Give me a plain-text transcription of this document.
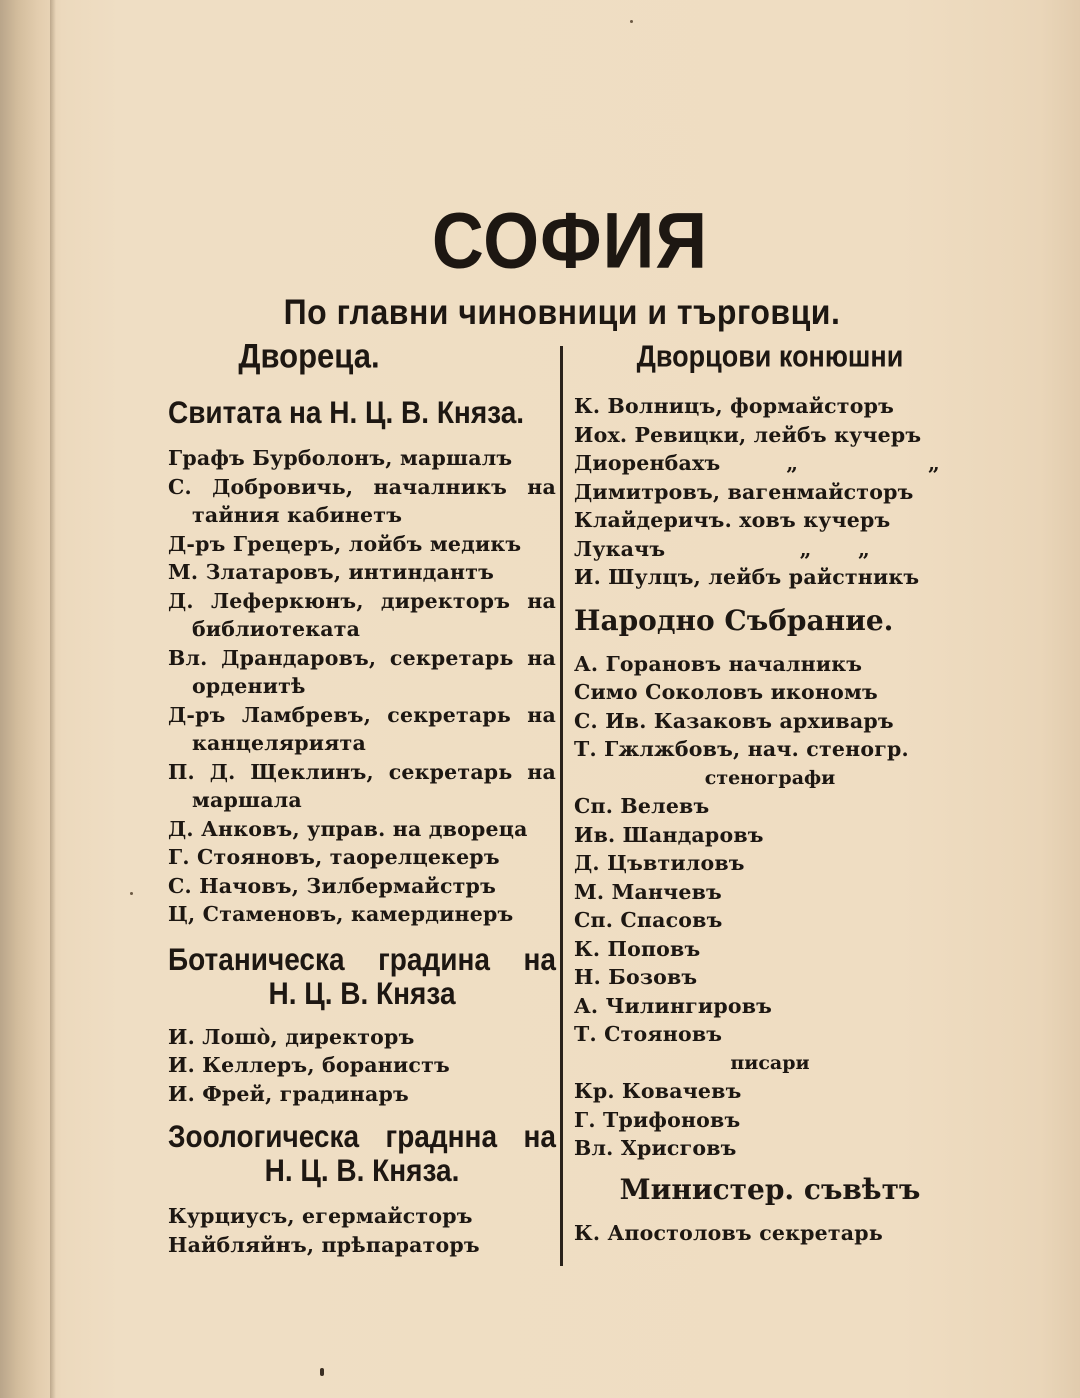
СОФИЯ
По главни чиновници и търговци.
Двореца.
Свитата на Н. Ц. В. Княза.
Графъ Бурболонъ, маршалъ
С. Добровичь, началникъ на тайния кабинетъ
Д-ръ Грецеръ, лойбъ медикъ
М. Златаровъ, интиндантъ
Д. Леферкюнъ, директоръ на библиотеката
Вл. Драндаровъ, секретарь на орденитѣ
Д-ръ Ламбревъ, секретарь на канцелярията
П. Д. Щеклинъ, секретарь на маршала
Д. Анковъ, управ. на двореца
Г. Стояновъ, таорелцекеръ
С. Начовъ, Зилбермайстръ
Ц, Стаменовъ, камердинеръ
Ботаническа градина на
Н. Ц. В. Княза
И. Лошо̀, директоръ
И. Келлеръ, боранистъ
И. Фрей, градинаръ
Зоологическа граднна на
Н. Ц. В. Княза.
Курциусъ, егермайсторъ
Найбляйнъ, прѣпараторъ
Дворцови конюшни
К. Волницъ, формайсторъ
Иох. Ревицки, лейбъ кучеръ
Диоренбахъ	„	„
Димитровъ, вагенмайсторъ
Клайдеричъ. ховъ кучеръ
Лукачъ	„	„
И. Шулцъ, лейбъ райстникъ
Народно Събрание.
А. Горановъ началникъ
Симо Соколовъ икономъ
С. Ив. Казаковъ архиваръ
Т. Гжлжбовъ, нач. стеногр.
стенографи
Сп. Велевъ
Ив. Шандаровъ
Д. Цъвтиловъ
М. Манчевъ
Сп. Спасовъ
К. Поповъ
Н. Бозовъ
А. Чилингировъ
Т. Стояновъ
писари
Кр. Ковачевъ
Г. Трифоновъ
Вл. Хрисговъ
Министер. съвѣтъ
К. Апостоловъ секретарь
